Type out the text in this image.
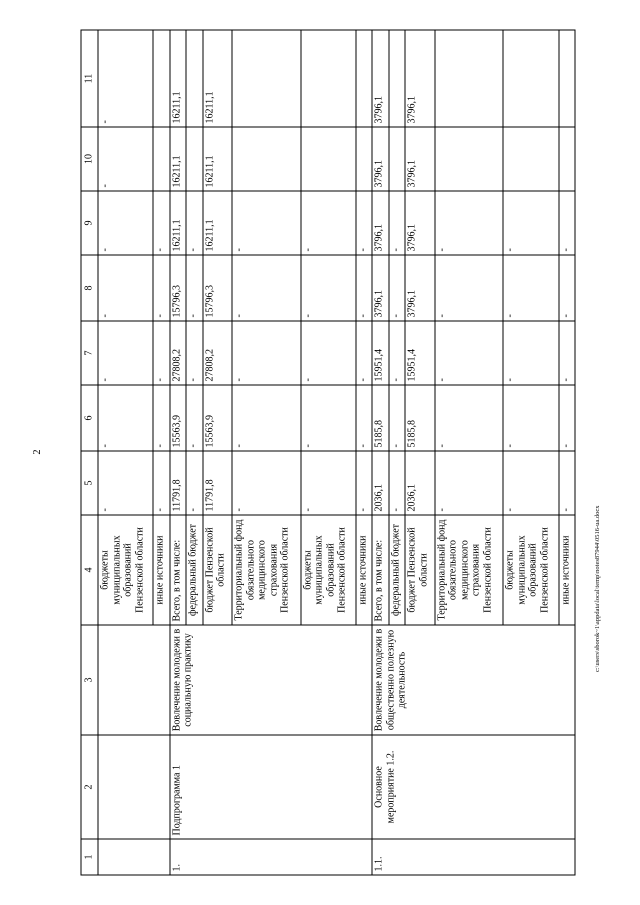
2
1	2	3	4	5	6	7	8	9	10	11
			бюджеты муниципальных образований Пензенской области	-	-	-	-	-	-	-
			иные источники	-	-	-	-	-		
1.	Подпрограмма 1	Вовлечение молодежи в социальную практику	Всего, в том числе:	11791,8	15563,9	27808,2	15796,3	16211,1	16211,1	16211,1
			федеральный бюджет	-	-	-	-	-		
			бюджет Пензенской области	11791,8	15563,9	27808,2	15796,3	16211,1	16211,1	16211,1
			Территориальный фонд обязательного медицинского страхования Пензенской области	-	-	-	-	-		
			бюджеты муниципальных образований Пензенской области	-	-	-	-	-		
			иные источники	-	-	-	-	-		
1.1.	Основное мероприятие 1.2.	Вовлечение молодежи в общественно полезную деятельность	Всего, в том числе:	2036,1	5185,8	15951,4	3796,1	3796,1	3796,1	3796,1
			федеральный бюджет	-	-	-	-	-		
			бюджет Пензенской области	2036,1	5185,8	15951,4	3796,1	3796,1	3796,1	3796,1
			Территориальный фонд обязательного медицинского страхования Пензенской области	-	-	-	-	-		
			бюджеты муниципальных образований Пензенской области	-	-	-	-	-		
			иные источники	-	-	-	-	-		
c:\users\sborok~1\appdata\local\temp\notes87944\0516-ua.docx
